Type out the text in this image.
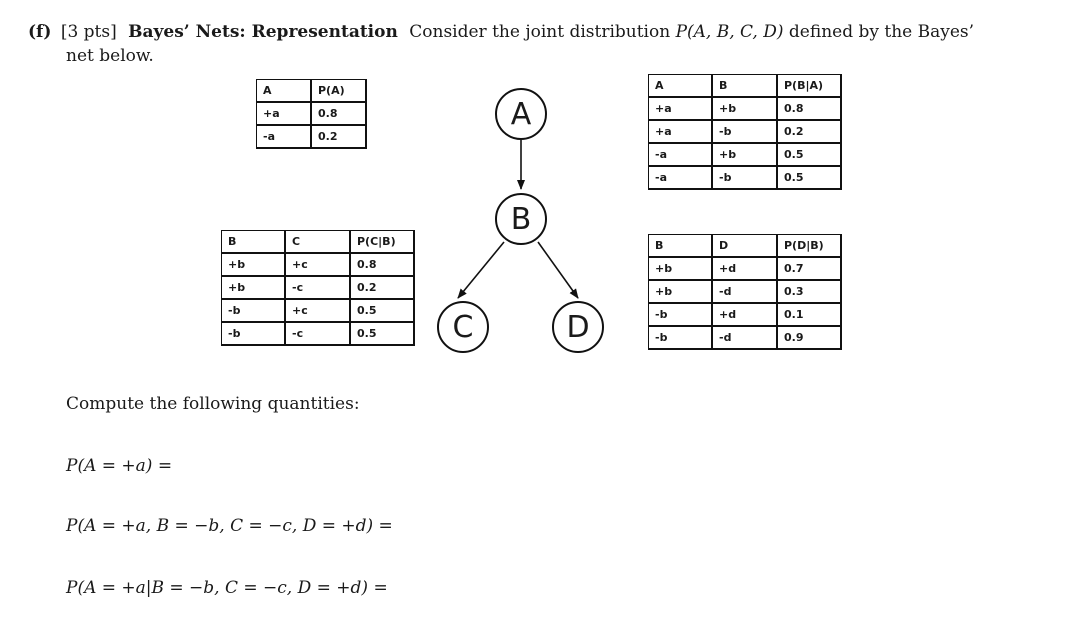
(f) [3 pts] Bayes’ Nets: Representation Consider the joint distribution P(A, B, C, D) defined by the Bayes’
net below.
A	P(A)
+a	0.8
-a	0.2
A	B	P(B|A)
+a	+b	0.8
+a	-b	0.2
-a	+b	0.5
-a	-b	0.5
B	C	P(C|B)
+b	+c	0.8
+b	-c	0.2
-b	+c	0.5
-b	-c	0.5
B	D	P(D|B)
+b	+d	0.7
+b	-d	0.3
-b	+d	0.1
-b	-d	0.9
A
B
C	D
Compute the following quantities:
P(A = +a) =
P(A = +a, B = −b, C = −c, D = +d) =
P(A = +a|B = −b, C = −c, D = +d) =
